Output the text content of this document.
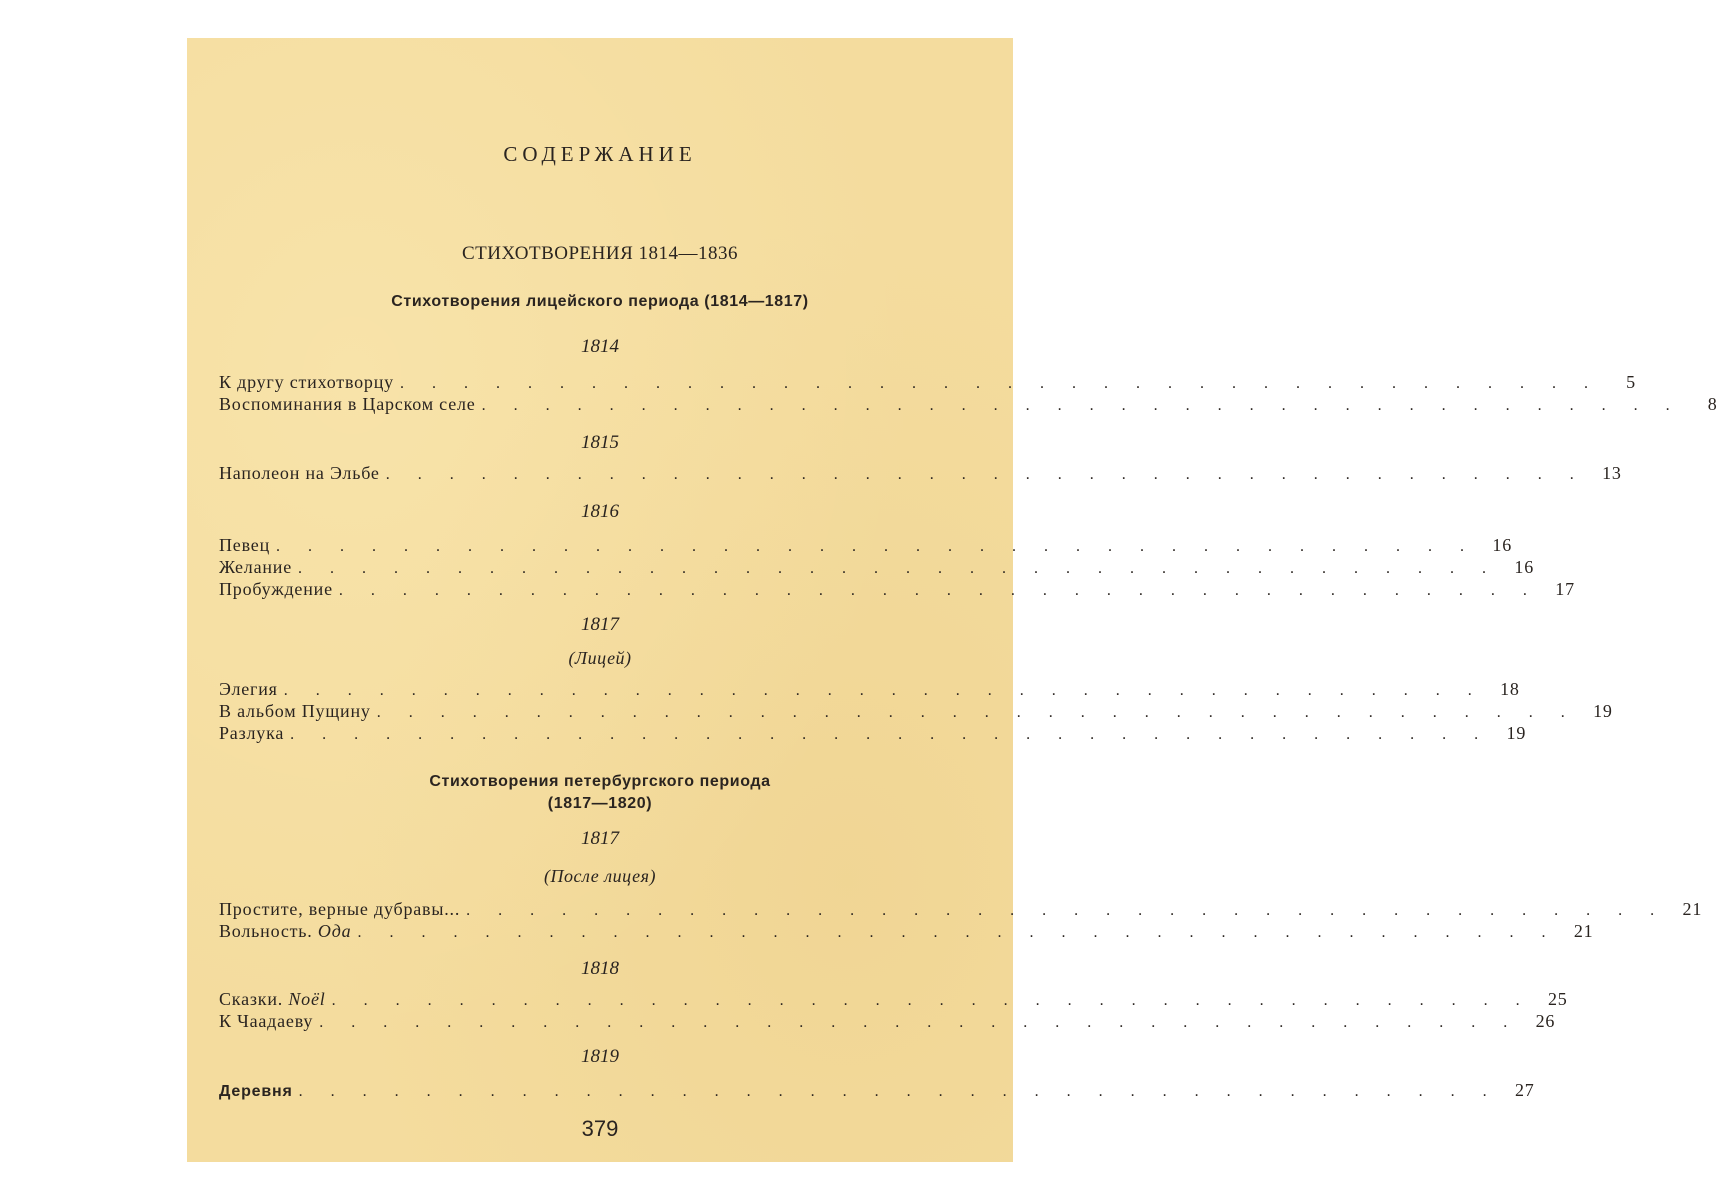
СОДЕРЖАНИЕ
СТИХОТВОРЕНИЯ 1814—1836
Стихотворения лицейского периода (1814—1817)
1814
К другу стихотворцу . . . . . . . . . . . . . . . . . . . . . . . . . . . . . . . . . . . . . .	5
Воспоминания в Царском селе . . . . . . . . . . . . . . . . . . . . . . . . . . . . . . . . . . . . . .	8
1815
Наполеон на Эльбе . . . . . . . . . . . . . . . . . . . . . . . . . . . . . . . . . . . . . . 13
1816
Певец . . . . . . . . . . . . . . . . . . . . . . . . . . . . . . . . . . . . . . 16
Желание . . . . . . . . . . . . . . . . . . . . . . . . . . . . . . . . . . . . . . 16
Пробуждение . . . . . . . . . . . . . . . . . . . . . . . . . . . . . . . . . . . . . . 17
1817
(Лицей)
Элегия . . . . . . . . . . . . . . . . . . . . . . . . . . . . . . . . . . . . . . 18
В альбом Пущину . . . . . . . . . . . . . . . . . . . . . . . . . . . . . . . . . . . . . . 19
Разлука . . . . . . . . . . . . . . . . . . . . . . . . . . . . . . . . . . . . . . 19
Стихотворения петербургского периода
(1817—1820)
1817
(После лицея)
Простите, верные дубравы... . . . . . . . . . . . . . . . . . . . . . . . . . . . . . . . . . . . . . . 21
Вольность. Ода . . . . . . . . . . . . . . . . . . . . . . . . . . . . . . . . . . . . . . 21
1818
Сказки. Noël . . . . . . . . . . . . . . . . . . . . . . . . . . . . . . . . . . . . . . 25
К Чаадаеву . . . . . . . . . . . . . . . . . . . . . . . . . . . . . . . . . . . . . . 26
1819
Деревня . . . . . . . . . . . . . . . . . . . . . . . . . . . . . . . . . . . . . . 27
379
